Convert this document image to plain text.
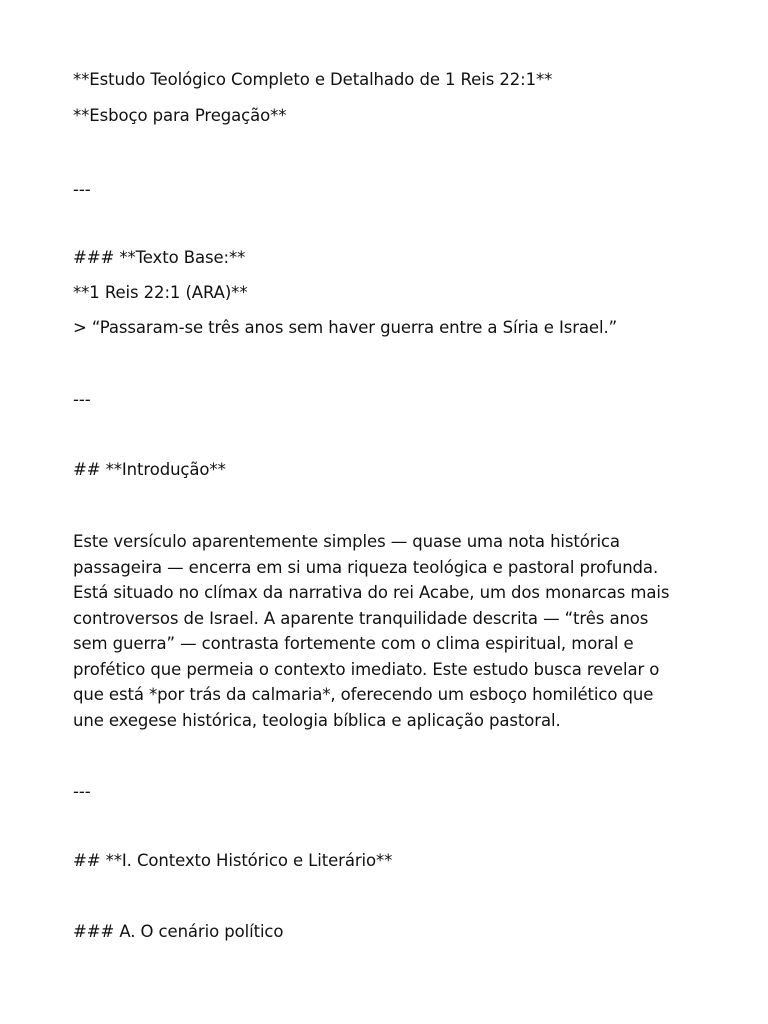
**Estudo Teológico Completo e Detalhado de 1 Reis 22:1**
**Esboço para Pregação**
---
### **Texto Base:**
**1 Reis 22:1 (ARA)**
> “Passaram-se três anos sem haver guerra entre a Síria e Israel.”
---
## **Introdução**
Este versículo aparentemente simples — quase uma nota histórica
passageira — encerra em si uma riqueza teológica e pastoral profunda.
Está situado no clímax da narrativa do rei Acabe, um dos monarcas mais
controversos de Israel. A aparente tranquilidade descrita — “três anos
sem guerra” — contrasta fortemente com o clima espiritual, moral e
profético que permeia o contexto imediato. Este estudo busca revelar o
que está *por trás da calmaria*, oferecendo um esboço homilético que
une exegese histórica, teologia bíblica e aplicação pastoral.
---
## **I. Contexto Histórico e Literário**
### A. O cenário político
